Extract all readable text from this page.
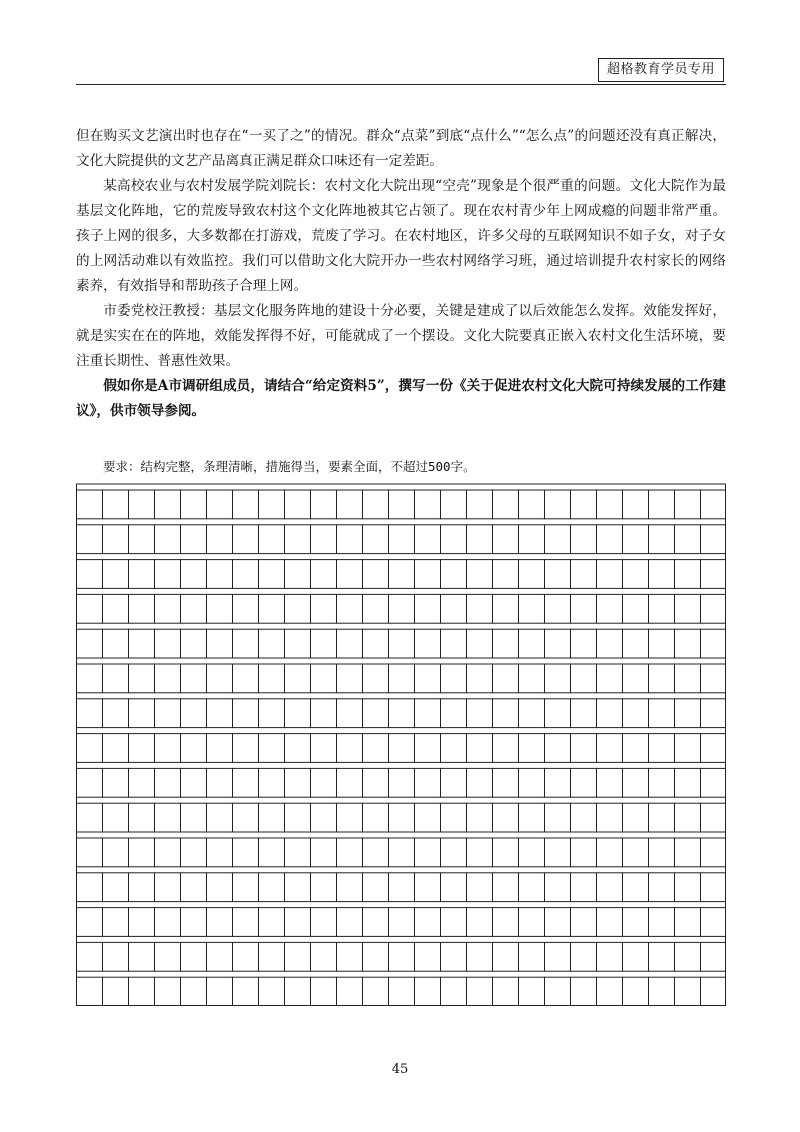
超格教育学员专用

但在购买文艺演出时也存在“一买了之”的情况。群众“点菜”到底“点什么”“怎么点”的问题还没有真正解决，文化大院提供的文艺产品离真正满足群众口味还有一定差距。

某高校农业与农村发展学院刘院长：农村文化大院出现“空壳”现象是个很严重的问题。文化大院作为最基层文化阵地，它的荒废导致农村这个文化阵地被其它占领了。现在农村青少年上网成瘾的问题非常严重。孩子上网的很多，大多数都在打游戏，荒废了学习。在农村地区，许多父母的互联网知识不如子女，对子女的上网活动难以有效监控。我们可以借助文化大院开办一些农村网络学习班，通过培训提升农村家长的网络素养，有效指导和帮助孩子合理上网。

市委党校汪教授：基层文化服务阵地的建设十分必要，关键是建成了以后效能怎么发挥。效能发挥好，就是实实在在的阵地，效能发挥得不好，可能就成了一个摆设。文化大院要真正嵌入农村文化生活环境，要注重长期性、普惠性效果。

假如你是A市调研组成员，请结合“给定资料5”，撰写一份《关于促进农村文化大院可持续发展的工作建议》，供市领导参阅。

要求：结构完整，条理清晰，措施得当，要素全面，不超过500字。
45
